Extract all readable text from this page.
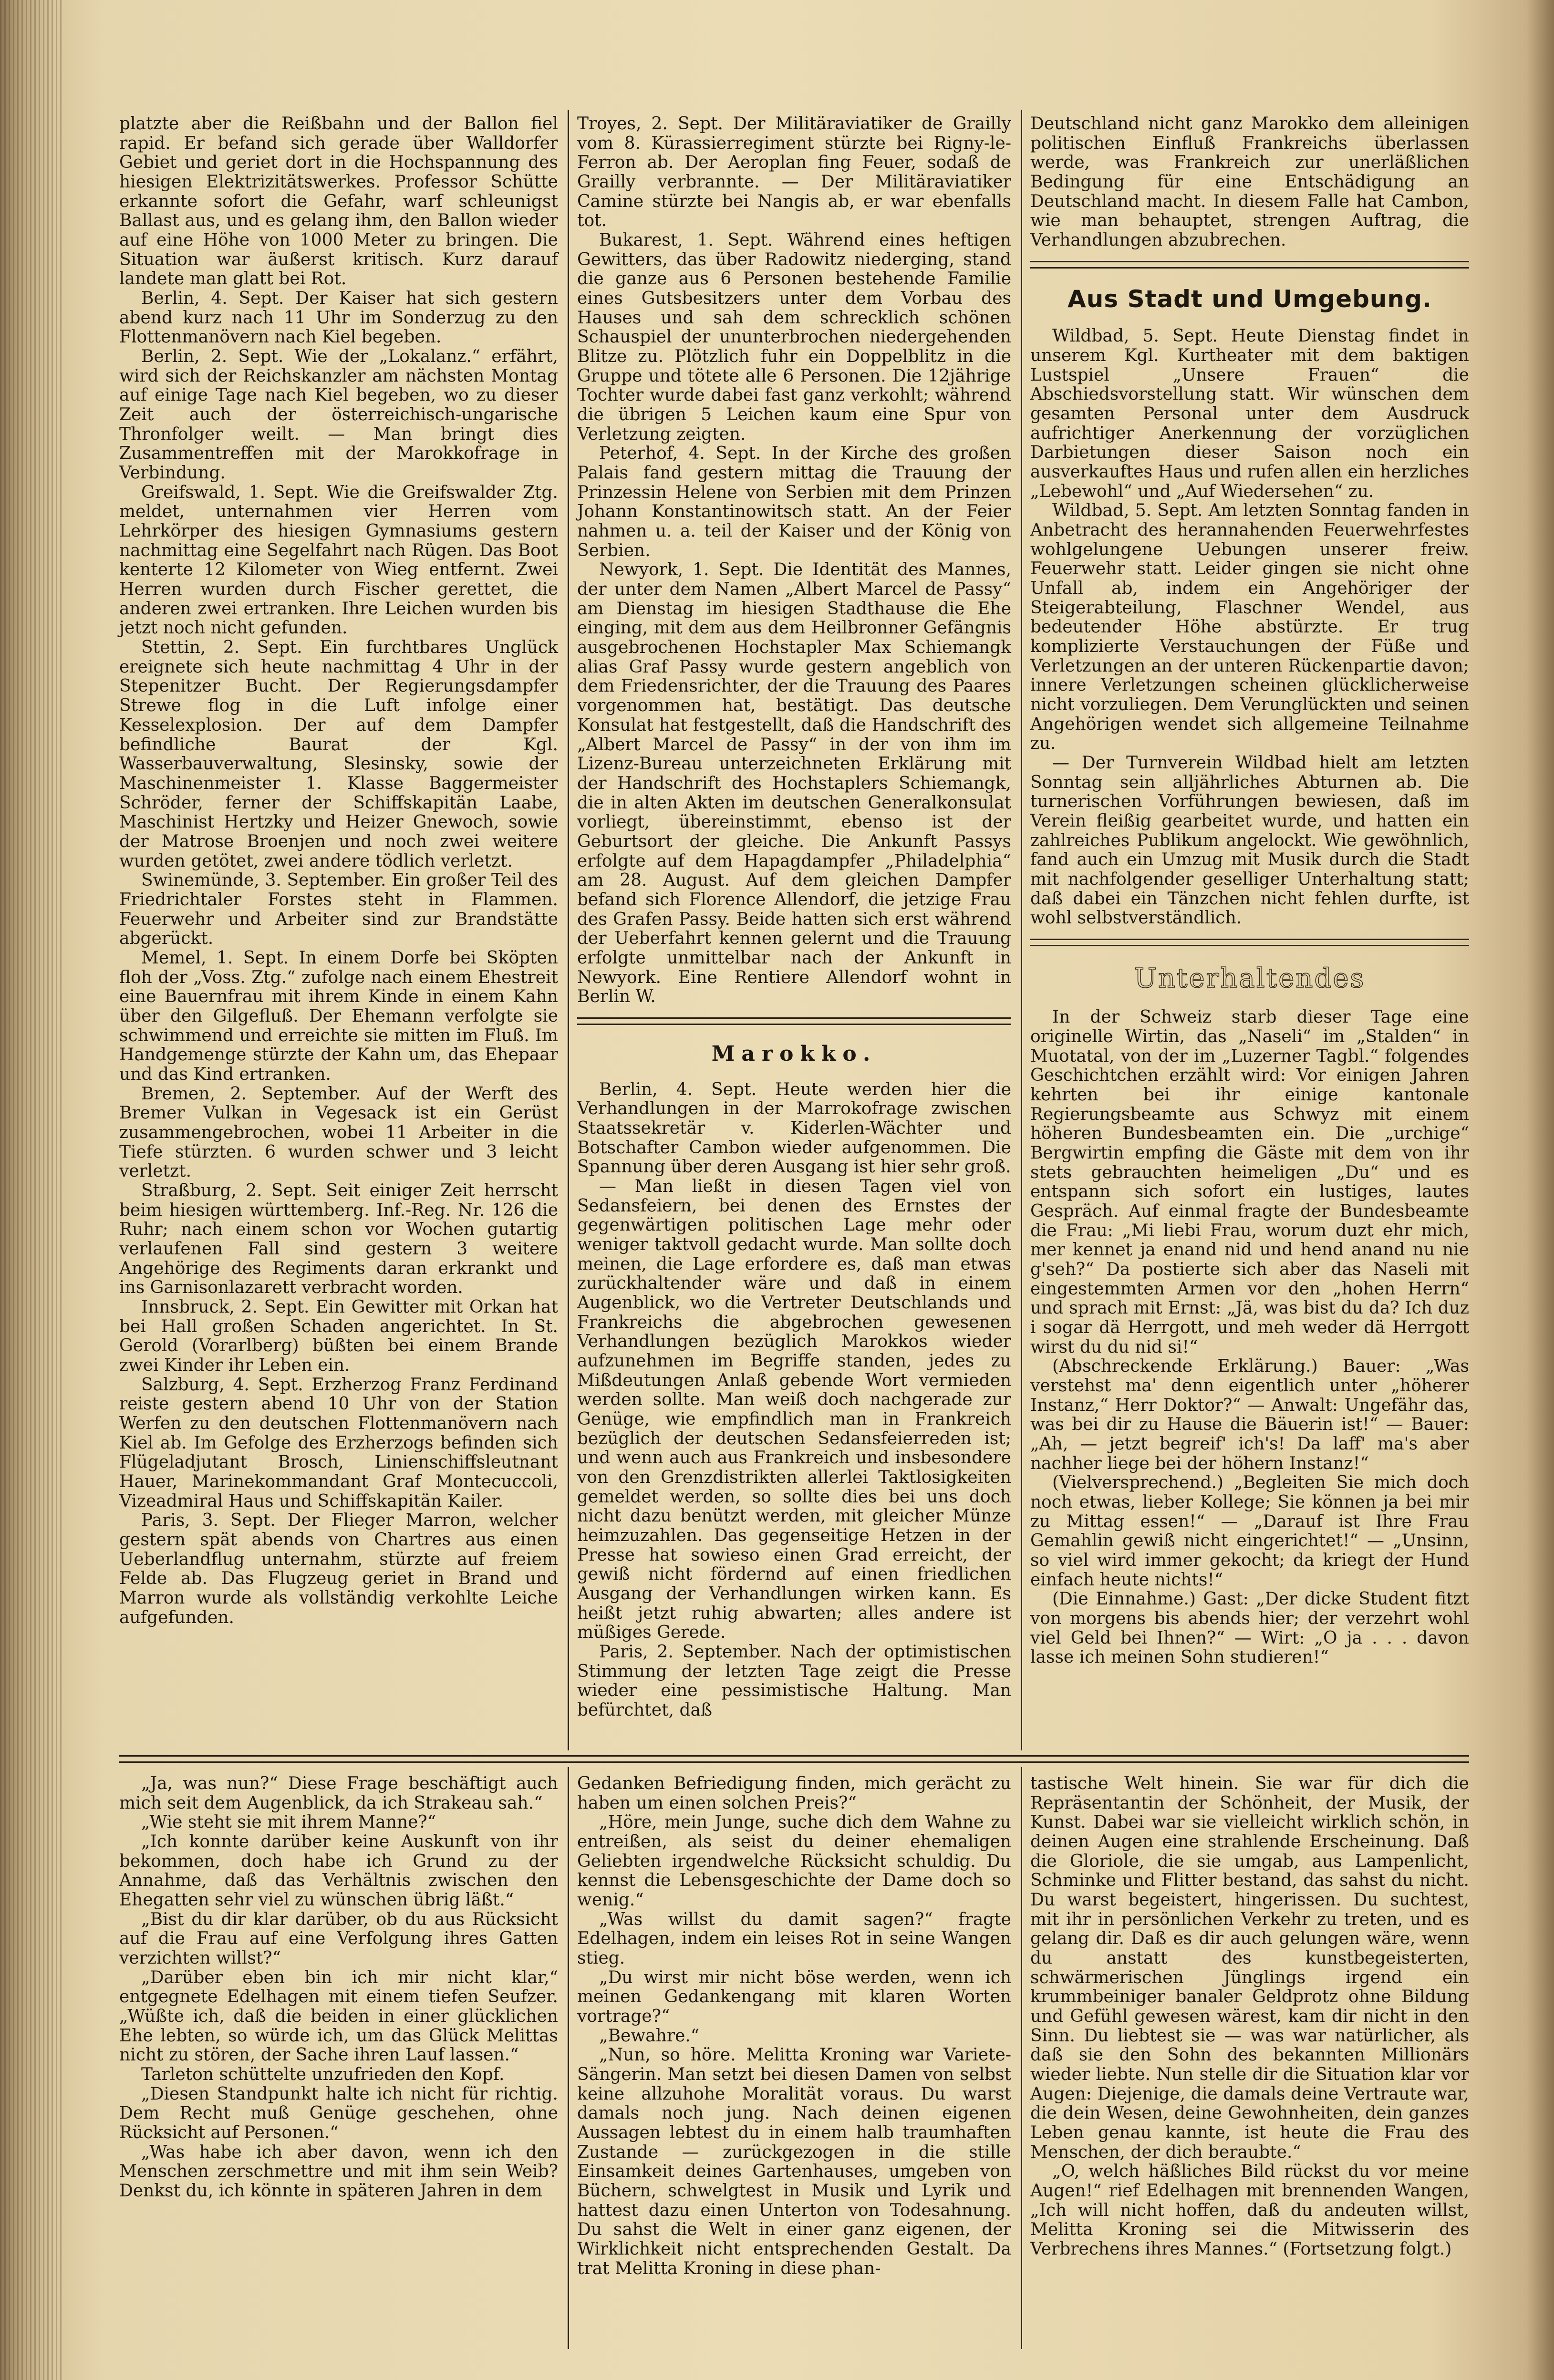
platzte aber die Reißbahn und der Ballon fiel rapid. Er befand sich gerade über Walldorfer Gebiet und geriet dort in die Hochspannung des hiesigen Elektrizitätswerkes. Professor Schütte erkannte sofort die Gefahr, warf schleunigst Ballast aus, und es gelang ihm, den Ballon wieder auf eine Höhe von 1000 Meter zu bringen. Die Situation war äußerst kritisch. Kurz darauf landete man glatt bei Rot.

Berlin, 4. Sept. Der Kaiser hat sich gestern abend kurz nach 11 Uhr im Sonderzug zu den Flottenmanövern nach Kiel begeben.

Berlin, 2. Sept. Wie der „Lokalanz.“ erfährt, wird sich der Reichskanzler am nächsten Montag auf einige Tage nach Kiel begeben, wo zu dieser Zeit auch der österreichisch-ungarische Thronfolger weilt. — Man bringt dies Zusammentreffen mit der Marokkofrage in Verbindung.

Greifswald, 1. Sept. Wie die Greifswalder Ztg. meldet, unternahmen vier Herren vom Lehrkörper des hiesigen Gymnasiums gestern nachmittag eine Segelfahrt nach Rügen. Das Boot kenterte 12 Kilometer von Wieg entfernt. Zwei Herren wurden durch Fischer gerettet, die anderen zwei ertranken. Ihre Leichen wurden bis jetzt noch nicht gefunden.

Stettin, 2. Sept. Ein furchtbares Unglück ereignete sich heute nachmittag 4 Uhr in der Stepenitzer Bucht. Der Regierungsdampfer Strewe flog in die Luft infolge einer Kesselexplosion. Der auf dem Dampfer befindliche Baurat der Kgl. Wasserbauverwaltung, Slesinsky, sowie der Maschinenmeister 1. Klasse Baggermeister Schröder, ferner der Schiffskapitän Laabe, Maschinist Hertzky und Heizer Gnewoch, sowie der Matrose Broenjen und noch zwei weitere wurden getötet, zwei andere tödlich verletzt.

Swinemünde, 3. September. Ein großer Teil des Friedrichtaler Forstes steht in Flammen. Feuerwehr und Arbeiter sind zur Brandstätte abgerückt.

Memel, 1. Sept. In einem Dorfe bei Sköpten floh der „Voss. Ztg.“ zufolge nach einem Ehestreit eine Bauernfrau mit ihrem Kinde in einem Kahn über den Gilgefluß. Der Ehemann verfolgte sie schwimmend und erreichte sie mitten im Fluß. Im Handgemenge stürzte der Kahn um, das Ehepaar und das Kind ertranken.

Bremen, 2. September. Auf der Werft des Bremer Vulkan in Vegesack ist ein Gerüst zusammengebrochen, wobei 11 Arbeiter in die Tiefe stürzten. 6 wurden schwer und 3 leicht verletzt.

Straßburg, 2. Sept. Seit einiger Zeit herrscht beim hiesigen württemberg. Inf.-Reg. Nr. 126 die Ruhr; nach einem schon vor Wochen gutartig verlaufenen Fall sind gestern 3 weitere Angehörige des Regiments daran erkrankt und ins Garnisonlazarett verbracht worden.

Innsbruck, 2. Sept. Ein Gewitter mit Orkan hat bei Hall großen Schaden angerichtet. In St. Gerold (Vorarlberg) büßten bei einem Brande zwei Kinder ihr Leben ein.

Salzburg, 4. Sept. Erzherzog Franz Ferdinand reiste gestern abend 10 Uhr von der Station Werfen zu den deutschen Flottenmanövern nach Kiel ab. Im Gefolge des Erzherzogs befinden sich Flügeladjutant Brosch, Linienschiffsleutnant Hauer, Marinekommandant Graf Montecuccoli, Vizeadmiral Haus und Schiffskapitän Kailer.

Paris, 3. Sept. Der Flieger Marron, welcher gestern spät abends von Chartres aus einen Ueberlandflug unternahm, stürzte auf freiem Felde ab. Das Flugzeug geriet in Brand und Marron wurde als vollständig verkohlte Leiche aufgefunden.

Troyes, 2. Sept. Der Militäraviatiker de Grailly vom 8. Kürassierregiment stürzte bei Rigny-le-Ferron ab. Der Aeroplan fing Feuer, sodaß de Grailly verbrannte. — Der Militäraviatiker Camine stürzte bei Nangis ab, er war ebenfalls tot.

Bukarest, 1. Sept. Während eines heftigen Gewitters, das über Radowitz niederging, stand die ganze aus 6 Personen bestehende Familie eines Gutsbesitzers unter dem Vorbau des Hauses und sah dem schrecklich schönen Schauspiel der ununterbrochen niedergehenden Blitze zu. Plötzlich fuhr ein Doppelblitz in die Gruppe und tötete alle 6 Personen. Die 12jährige Tochter wurde dabei fast ganz verkohlt; während die übrigen 5 Leichen kaum eine Spur von Verletzung zeigten.

Peterhof, 4. Sept. In der Kirche des großen Palais fand gestern mittag die Trauung der Prinzessin Helene von Serbien mit dem Prinzen Johann Konstantinowitsch statt. An der Feier nahmen u. a. teil der Kaiser und der König von Serbien.

Newyork, 1. Sept. Die Identität des Mannes, der unter dem Namen „Albert Marcel de Passy“ am Dienstag im hiesigen Stadthause die Ehe einging, mit dem aus dem Heilbronner Gefängnis ausgebrochenen Hochstapler Max Schiemangk alias Graf Passy wurde gestern angeblich von dem Friedensrichter, der die Trauung des Paares vorgenommen hat, bestätigt. Das deutsche Konsulat hat festgestellt, daß die Handschrift des „Albert Marcel de Passy“ in der von ihm im Lizenz-Bureau unterzeichneten Erklärung mit der Handschrift des Hochstaplers Schiemangk, die in alten Akten im deutschen Generalkonsulat vorliegt, übereinstimmt, ebenso ist der Geburtsort der gleiche. Die Ankunft Passys erfolgte auf dem Hapagdampfer „Philadelphia“ am 28. August. Auf dem gleichen Dampfer befand sich Florence Allendorf, die jetzige Frau des Grafen Passy. Beide hatten sich erst während der Ueberfahrt kennen gelernt und die Trauung erfolgte unmittelbar nach der Ankunft in Newyork. Eine Rentiere Allendorf wohnt in Berlin W.

Marokko.

Berlin, 4. Sept. Heute werden hier die Verhandlungen in der Marrokofrage zwischen Staatssekretär v. Kiderlen-Wächter und Botschafter Cambon wieder aufgenommen. Die Spannung über deren Ausgang ist hier sehr groß.

— Man ließt in diesen Tagen viel von Sedansfeiern, bei denen des Ernstes der gegenwärtigen politischen Lage mehr oder weniger taktvoll gedacht wurde. Man sollte doch meinen, die Lage erfordere es, daß man etwas zurückhaltender wäre und daß in einem Augenblick, wo die Vertreter Deutschlands und Frankreichs die abgebrochen gewesenen Verhandlungen bezüglich Marokkos wieder aufzunehmen im Begriffe standen, jedes zu Mißdeutungen Anlaß gebende Wort vermieden werden sollte. Man weiß doch nachgerade zur Genüge, wie empfindlich man in Frankreich bezüglich der deutschen Sedansfeierreden ist; und wenn auch aus Frankreich und insbesondere von den Grenzdistrikten allerlei Taktlosigkeiten gemeldet werden, so sollte dies bei uns doch nicht dazu benützt werden, mit gleicher Münze heimzuzahlen. Das gegenseitige Hetzen in der Presse hat sowieso einen Grad erreicht, der gewiß nicht fördernd auf einen friedlichen Ausgang der Verhandlungen wirken kann. Es heißt jetzt ruhig abwarten; alles andere ist müßiges Gerede.

Paris, 2. September. Nach der optimistischen Stimmung der letzten Tage zeigt die Presse wieder eine pessimistische Haltung. Man befürchtet, daß

Deutschland nicht ganz Marokko dem alleinigen politischen Einfluß Frankreichs überlassen werde, was Frankreich zur unerläßlichen Bedingung für eine Entschädigung an Deutschland macht. In diesem Falle hat Cambon, wie man behauptet, strengen Auftrag, die Verhandlungen abzubrechen.

Aus Stadt und Umgebung.

Wildbad, 5. Sept. Heute Dienstag findet in unserem Kgl. Kurtheater mit dem baktigen Lustspiel „Unsere Frauen“ die Abschiedsvorstellung statt. Wir wünschen dem gesamten Personal unter dem Ausdruck aufrichtiger Anerkennung der vorzüglichen Darbietungen dieser Saison noch ein ausverkauftes Haus und rufen allen ein herzliches „Lebewohl“ und „Auf Wiedersehen“ zu.

Wildbad, 5. Sept. Am letzten Sonntag fanden in Anbetracht des herannahenden Feuerwehrfestes wohlgelungene Uebungen unserer freiw. Feuerwehr statt. Leider gingen sie nicht ohne Unfall ab, indem ein Angehöriger der Steigerabteilung, Flaschner Wendel, aus bedeutender Höhe abstürzte. Er trug komplizierte Verstauchungen der Füße und Verletzungen an der unteren Rückenpartie davon; innere Verletzungen scheinen glücklicherweise nicht vorzuliegen. Dem Verunglückten und seinen Angehörigen wendet sich allgemeine Teilnahme zu.

— Der Turnverein Wildbad hielt am letzten Sonntag sein alljährliches Abturnen ab. Die turnerischen Vorführungen bewiesen, daß im Verein fleißig gearbeitet wurde, und hatten ein zahlreiches Publikum angelockt. Wie gewöhnlich, fand auch ein Umzug mit Musik durch die Stadt mit nachfolgender geselliger Unterhaltung statt; daß dabei ein Tänzchen nicht fehlen durfte, ist wohl selbstverständlich.

Unterhaltendes

In der Schweiz starb dieser Tage eine originelle Wirtin, das „Naseli“ im „Stalden“ in Muotatal, von der im „Luzerner Tagbl.“ folgendes Geschichtchen erzählt wird: Vor einigen Jahren kehrten bei ihr einige kantonale Regierungsbeamte aus Schwyz mit einem höheren Bundesbeamten ein. Die „urchige“ Bergwirtin empfing die Gäste mit dem von ihr stets gebrauchten heimeligen „Du“ und es entspann sich sofort ein lustiges, lautes Gespräch. Auf einmal fragte der Bundesbeamte die Frau: „Mi liebi Frau, worum duzt ehr mich, mer kennet ja enand nid und hend anand nu nie g'seh?“ Da postierte sich aber das Naseli mit eingestemmten Armen vor den „hohen Herrn“ und sprach mit Ernst: „Jä, was bist du da? Ich duz i sogar dä Herrgott, und meh weder dä Herrgott wirst du du nid si!“

(Abschreckende Erklärung.) Bauer: „Was verstehst ma' denn eigentlich unter „höherer Instanz,“ Herr Doktor?“ — Anwalt: Ungefähr das, was bei dir zu Hause die Bäuerin ist!“ — Bauer: „Ah, — jetzt begreif' ich's! Da laff' ma's aber nachher liege bei der höhern Instanz!“

(Vielversprechend.) „Begleiten Sie mich doch noch etwas, lieber Kollege; Sie können ja bei mir zu Mittag essen!“ — „Darauf ist Ihre Frau Gemahlin gewiß nicht eingerichtet!“ — „Unsinn, so viel wird immer gekocht; da kriegt der Hund einfach heute nichts!“

(Die Einnahme.) Gast: „Der dicke Student fitzt von morgens bis abends hier; der verzehrt wohl viel Geld bei Ihnen?“ — Wirt: „O ja . . . davon lasse ich meinen Sohn studieren!“

„Ja, was nun?“ Diese Frage beschäftigt auch mich seit dem Augenblick, da ich Strakeau sah.“

„Wie steht sie mit ihrem Manne?“

„Ich konnte darüber keine Auskunft von ihr bekommen, doch habe ich Grund zu der Annahme, daß das Verhältnis zwischen den Ehegatten sehr viel zu wünschen übrig läßt.“

„Bist du dir klar darüber, ob du aus Rücksicht auf die Frau auf eine Verfolgung ihres Gatten verzichten willst?“

„Darüber eben bin ich mir nicht klar,“ entgegnete Edelhagen mit einem tiefen Seufzer. „Wüßte ich, daß die beiden in einer glücklichen Ehe lebten, so würde ich, um das Glück Melittas nicht zu stören, der Sache ihren Lauf lassen.“

Tarleton schüttelte unzufrieden den Kopf.

„Diesen Standpunkt halte ich nicht für richtig. Dem Recht muß Genüge geschehen, ohne Rücksicht auf Personen.“

„Was habe ich aber davon, wenn ich den Menschen zerschmettre und mit ihm sein Weib? Denkst du, ich könnte in späteren Jahren in dem

Gedanken Befriedigung finden, mich gerächt zu haben um einen solchen Preis?“

„Höre, mein Junge, suche dich dem Wahne zu entreißen, als seist du deiner ehemaligen Geliebten irgendwelche Rücksicht schuldig. Du kennst die Lebensgeschichte der Dame doch so wenig.“

„Was willst du damit sagen?“ fragte Edelhagen, indem ein leises Rot in seine Wangen stieg.

„Du wirst mir nicht böse werden, wenn ich meinen Gedankengang mit klaren Worten vortrage?“

„Bewahre.“

„Nun, so höre. Melitta Kroning war Variete-Sängerin. Man setzt bei diesen Damen von selbst keine allzuhohe Moralität voraus. Du warst damals noch jung. Nach deinen eigenen Aussagen lebtest du in einem halb traumhaften Zustande — zurückgezogen in die stille Einsamkeit deines Gartenhauses, umgeben von Büchern, schwelgtest in Musik und Lyrik und hattest dazu einen Unterton von Todesahnung. Du sahst die Welt in einer ganz eigenen, der Wirklichkeit nicht entsprechenden Gestalt. Da trat Melitta Kroning in diese phan-

tastische Welt hinein. Sie war für dich die Repräsentantin der Schönheit, der Musik, der Kunst. Dabei war sie vielleicht wirklich schön, in deinen Augen eine strahlende Erscheinung. Daß die Gloriole, die sie umgab, aus Lampenlicht, Schminke und Flitter bestand, das sahst du nicht. Du warst begeistert, hingerissen. Du suchtest, mit ihr in persönlichen Verkehr zu treten, und es gelang dir. Daß es dir auch gelungen wäre, wenn du anstatt des kunstbegeisterten, schwärmerischen Jünglings irgend ein krummbeiniger banaler Geldprotz ohne Bildung und Gefühl gewesen wärest, kam dir nicht in den Sinn. Du liebtest sie — was war natürlicher, als daß sie den Sohn des bekannten Millionärs wieder liebte. Nun stelle dir die Situation klar vor Augen: Diejenige, die damals deine Vertraute war, die dein Wesen, deine Gewohnheiten, dein ganzes Leben genau kannte, ist heute die Frau des Menschen, der dich beraubte.“

„O, welch häßliches Bild rückst du vor meine Augen!“ rief Edelhagen mit brennenden Wangen, „Ich will nicht hoffen, daß du andeuten willst, Melitta Kroning sei die Mitwisserin des Verbrechens ihres Mannes.“ (Fortsetzung folgt.)
